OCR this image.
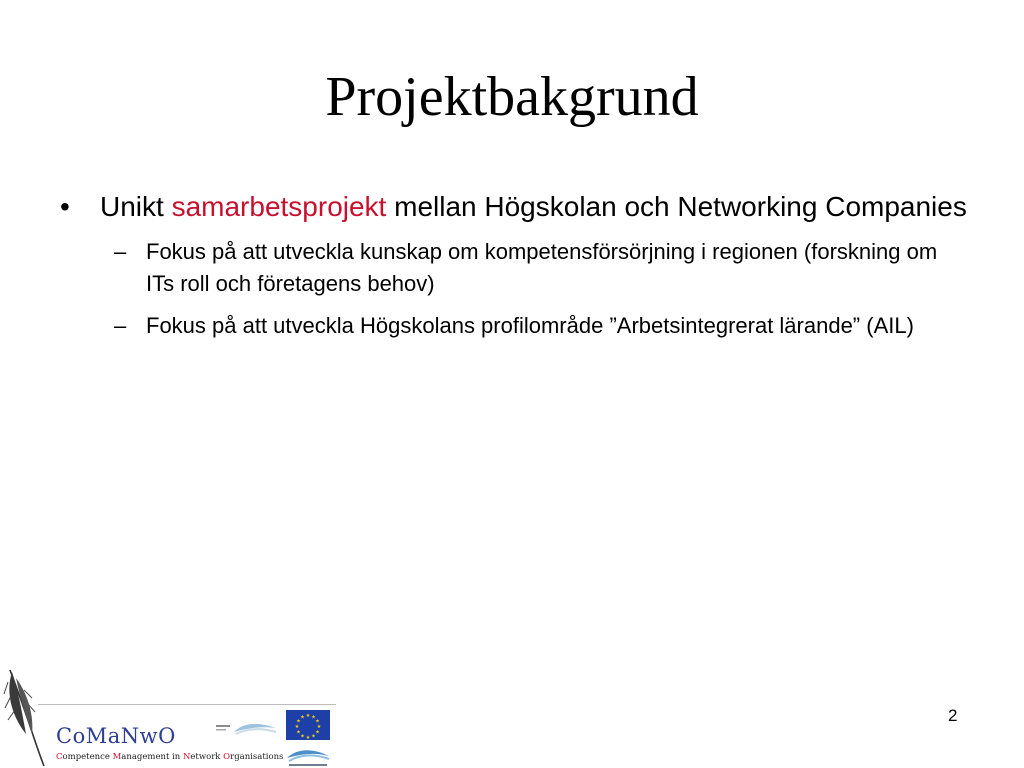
Projektbakgrund
• Unikt samarbetsprojekt mellan Högskolan och Networking Companies
– Fokus på att utveckla kunskap om kompetensförsörjning i regionen (forskning om ITs roll och företagens behov)
– Fokus på att utveckla Högskolans profilområde ”Arbetsintegrerat lärande” (AIL)
2
CoMaNwO
Competence Management in Network Organisations
★ ★
★
★
★
★
★
★
★
★
★
★
